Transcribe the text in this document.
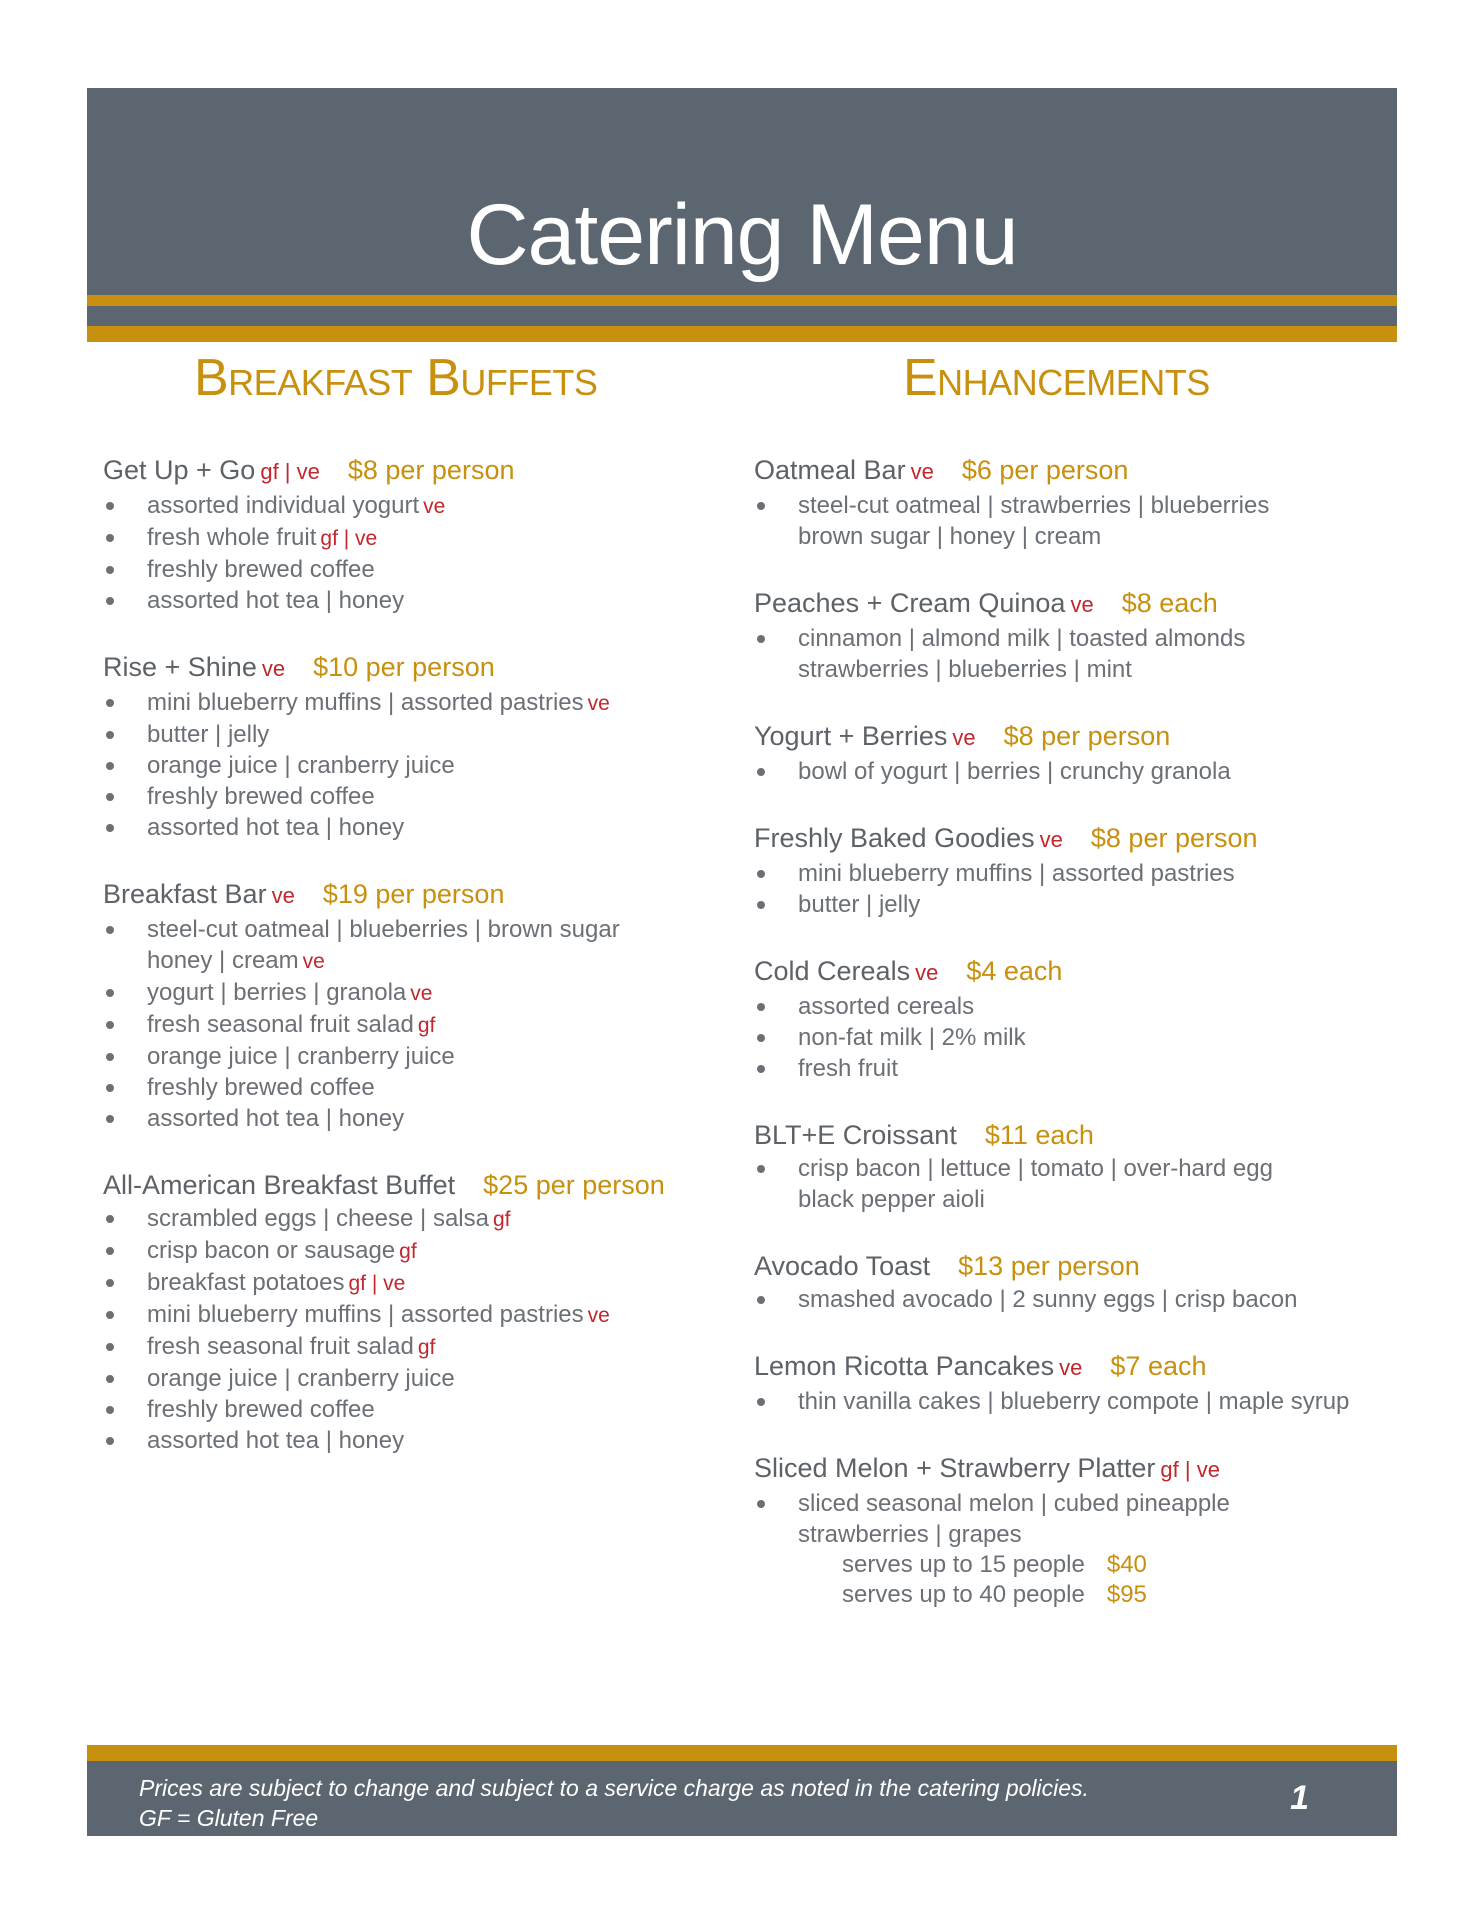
Catering Menu
Breakfast Buffets	Enhancements
Get Up + Go gf | ve $8 per person
assorted individual yogurt ve
fresh whole fruit gf | ve
freshly brewed coffee
assorted hot tea | honey
Rise + Shine ve $10 per person
mini blueberry muffins | assorted pastries ve
butter | jelly
orange juice | cranberry juice
freshly brewed coffee
assorted hot tea | honey
Breakfast Bar ve $19 per person
steel-cut oatmeal | blueberries | brown sugar
honey | cream ve
yogurt | berries | granola ve
fresh seasonal fruit salad gf
orange juice | cranberry juice
freshly brewed coffee
assorted hot tea | honey
All-American Breakfast Buffet $25 per person
scrambled eggs | cheese | salsa gf
crisp bacon or sausage gf
breakfast potatoes gf | ve
mini blueberry muffins | assorted pastries ve
fresh seasonal fruit salad gf
orange juice | cranberry juice
freshly brewed coffee
assorted hot tea | honey
Oatmeal Bar ve $6 per person
steel-cut oatmeal | strawberries | blueberries
brown sugar | honey | cream
Peaches + Cream Quinoa ve $8 each
cinnamon | almond milk | toasted almonds
strawberries | blueberries | mint
Yogurt + Berries ve $8 per person
bowl of yogurt | berries | crunchy granola
Freshly Baked Goodies ve $8 per person
mini blueberry muffins | assorted pastries
butter | jelly
Cold Cereals ve $4 each
assorted cereals
non-fat milk | 2% milk
fresh fruit
BLT+E Croissant $11 each
crisp bacon | lettuce | tomato | over-hard egg
black pepper aioli
Avocado Toast $13 per person
smashed avocado | 2 sunny eggs | crisp bacon
Lemon Ricotta Pancakes ve $7 each
thin vanilla cakes | blueberry compote | maple syrup
Sliced Melon + Strawberry Platter gf | ve
sliced seasonal melon | cubed pineapple
strawberries | grapes
serves up to 15 people $40
serves up to 40 people $95
Prices are subject to change and subject to a service charge as noted in the catering policies.
GF = Gluten Free
1
